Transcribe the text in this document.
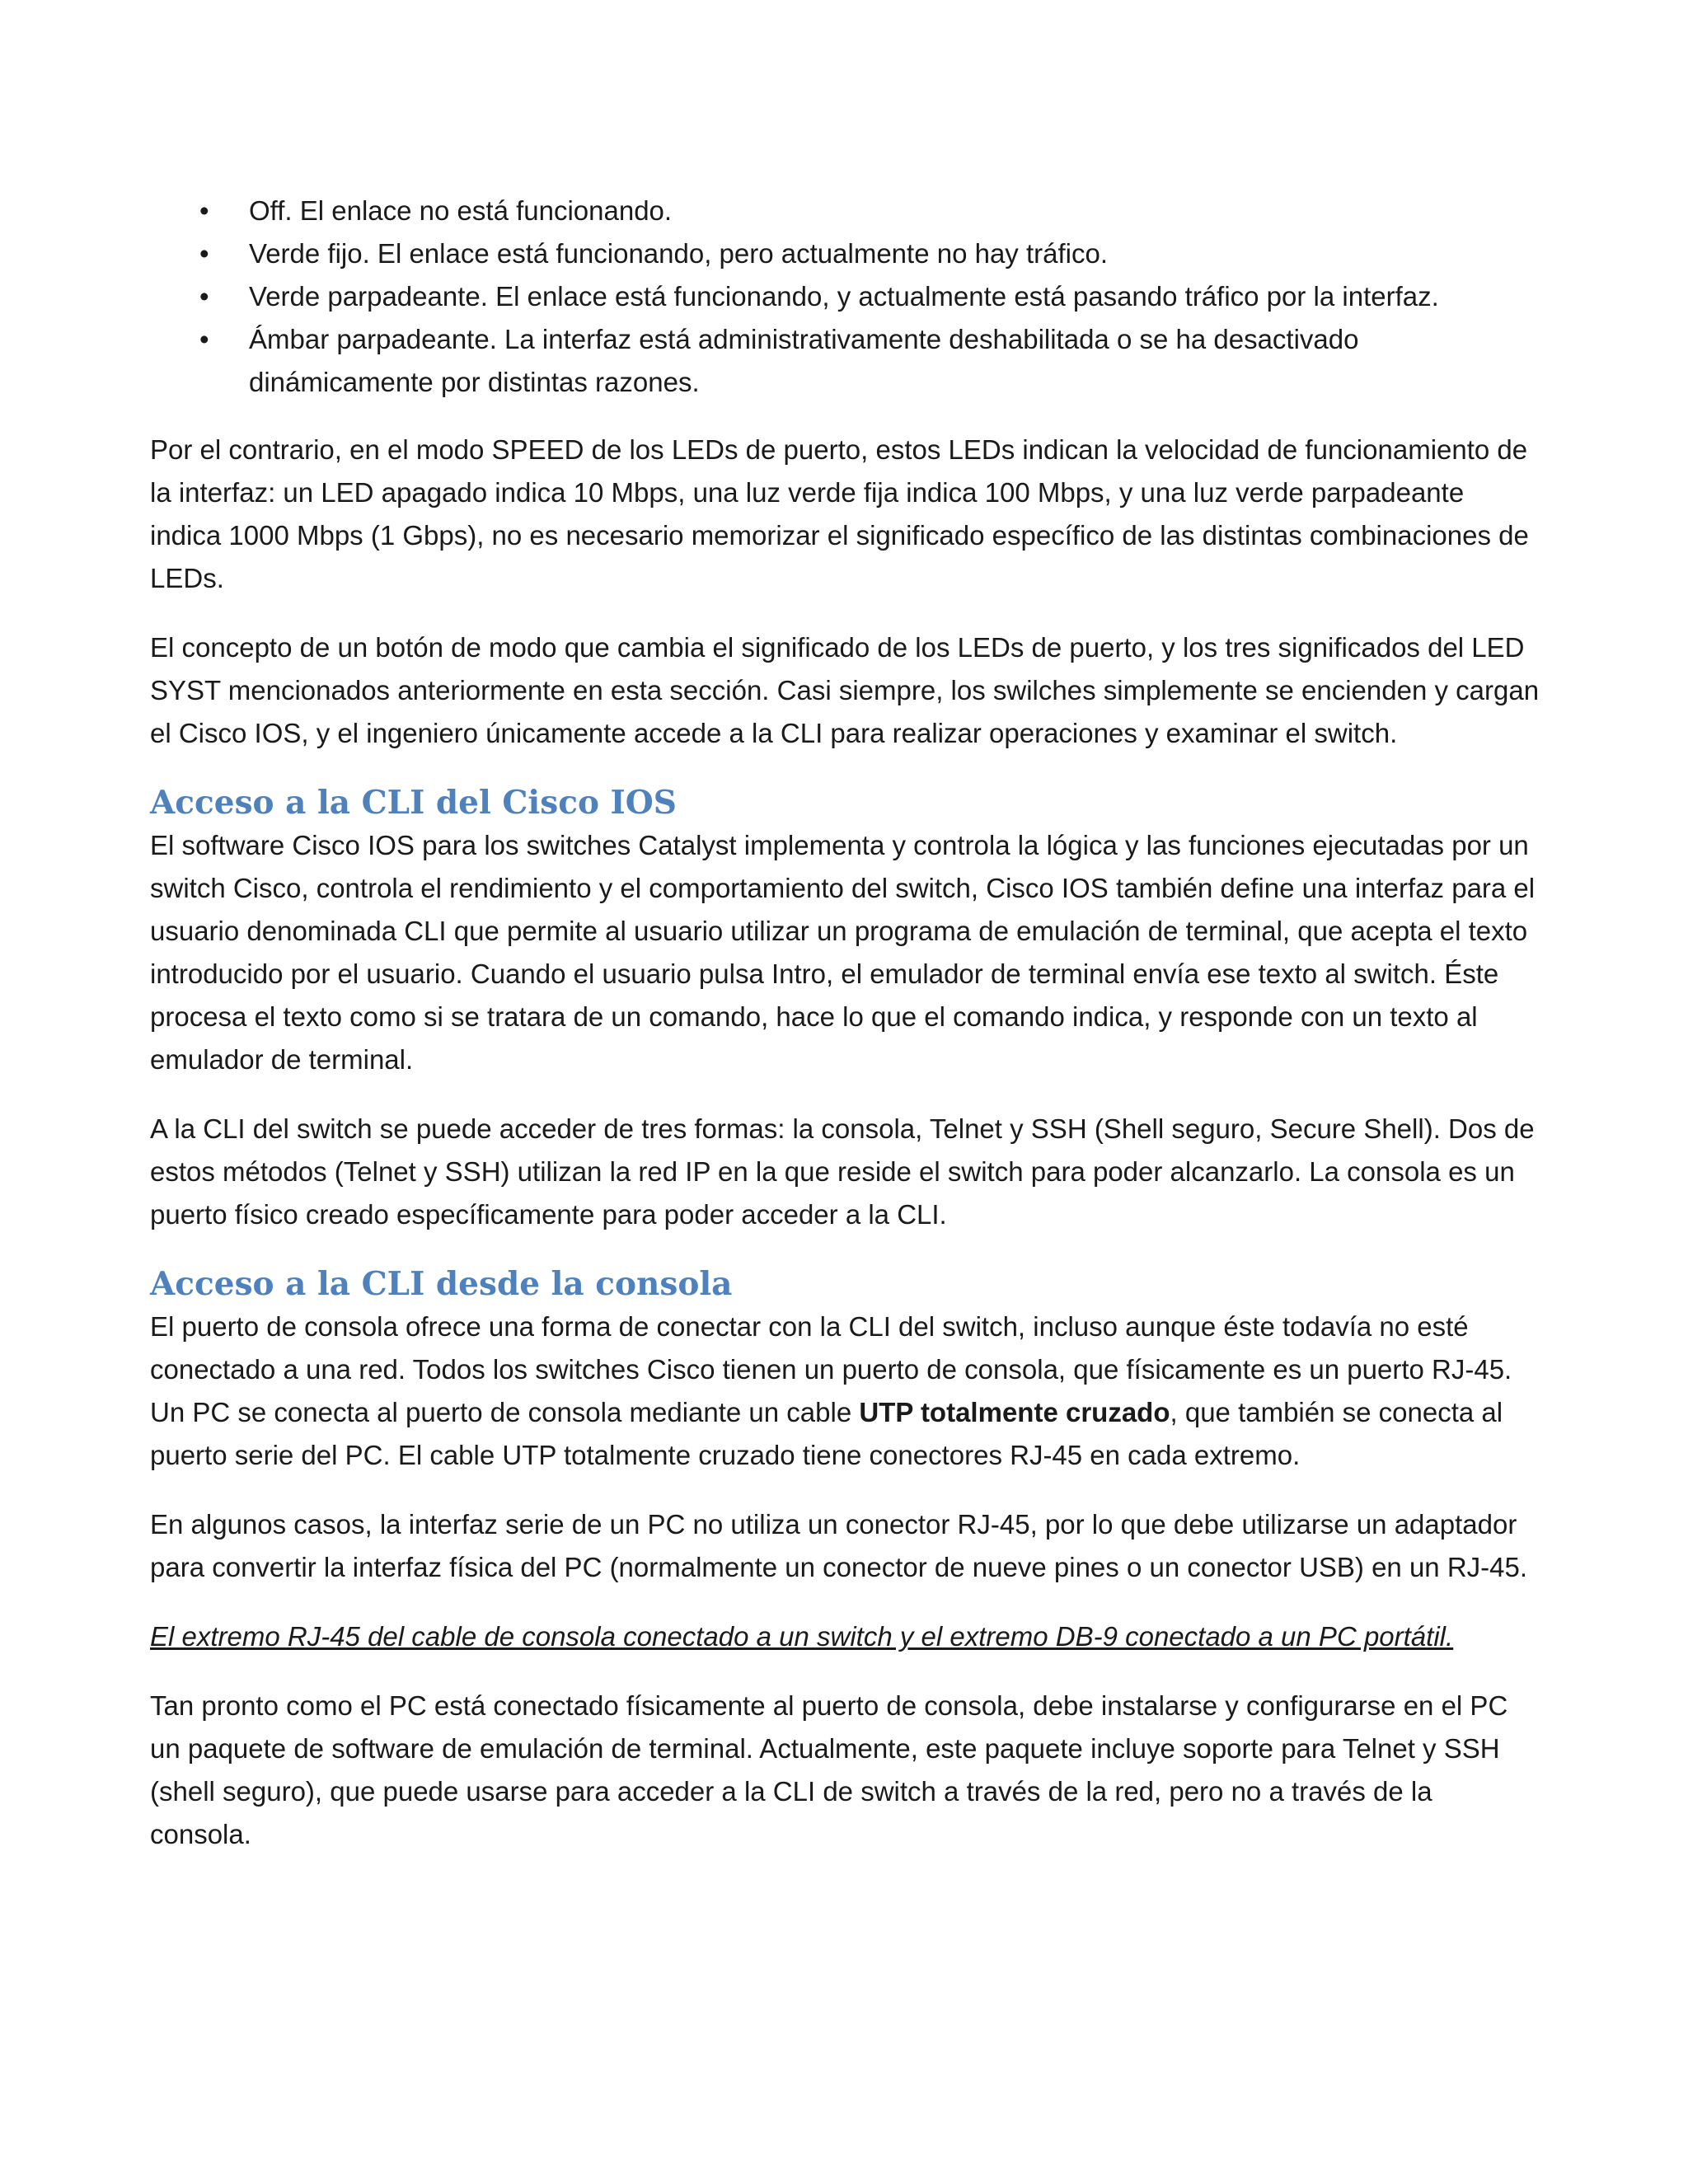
• Off. El enlace no está funcionando.
• Verde fijo. El enlace está funcionando, pero actualmente no hay tráfico.
• Verde parpadeante. El enlace está funcionando, y actualmente está pasando tráfico por la interfaz.
• Ámbar parpadeante. La interfaz está administrativamente deshabilitada o se ha desactivado dinámicamente por distintas razones.

Por el contrario, en el modo SPEED de los LEDs de puerto, estos LEDs indican la velocidad de funcionamiento de la interfaz: un LED apagado indica 10 Mbps, una luz verde fija indica 100 Mbps, y una luz verde parpadeante indica 1000 Mbps (1 Gbps), no es necesario memorizar el significado específico de las distintas combinaciones de LEDs.

El concepto de un botón de modo que cambia el significado de los LEDs de puerto, y los tres significados del LED SYST mencionados anteriormente en esta sección. Casi siempre, los swilches simplemente se encienden y cargan el Cisco IOS, y el ingeniero únicamente accede a la CLI para realizar operaciones y examinar el switch.

Acceso a la CLI del Cisco IOS

El software Cisco IOS para los switches Catalyst implementa y controla la lógica y las funciones ejecutadas por un switch Cisco, controla el rendimiento y el comportamiento del switch, Cisco IOS también define una interfaz para el usuario denominada CLI que permite al usuario utilizar un programa de emulación de terminal, que acepta el texto introducido por el usuario. Cuando el usuario pulsa Intro, el emulador de terminal envía ese texto al switch. Éste procesa el texto como si se tratara de un comando, hace lo que el comando indica, y responde con un texto al emulador de terminal.

A la CLI del switch se puede acceder de tres formas: la consola, Telnet y SSH (Shell seguro, Secure Shell). Dos de estos métodos (Telnet y SSH) utilizan la red IP en la que reside el switch para poder alcanzarlo. La consola es un puerto físico creado específicamente para poder acceder a la CLI.

Acceso a la CLI desde la consola

El puerto de consola ofrece una forma de conectar con la CLI del switch, incluso aunque éste todavía no esté conectado a una red. Todos los switches Cisco tienen un puerto de consola, que físicamente es un puerto RJ-45. Un PC se conecta al puerto de consola mediante un cable UTP totalmente cruzado, que también se conecta al puerto serie del PC. El cable UTP totalmente cruzado tiene conectores RJ-45 en cada extremo.

En algunos casos, la interfaz serie de un PC no utiliza un conector RJ-45, por lo que debe utilizarse un adaptador para convertir la interfaz física del PC (normalmente un conector de nueve pines o un conector USB) en un RJ-45.

El extremo RJ-45 del cable de consola conectado a un switch y el extremo DB-9 conectado a un PC portátil.

Tan pronto como el PC está conectado físicamente al puerto de consola, debe instalarse y configurarse en el PC un paquete de software de emulación de terminal. Actualmente, este paquete incluye soporte para Telnet y SSH (shell seguro), que puede usarse para acceder a la CLI de switch a través de la red, pero no a través de la consola.
